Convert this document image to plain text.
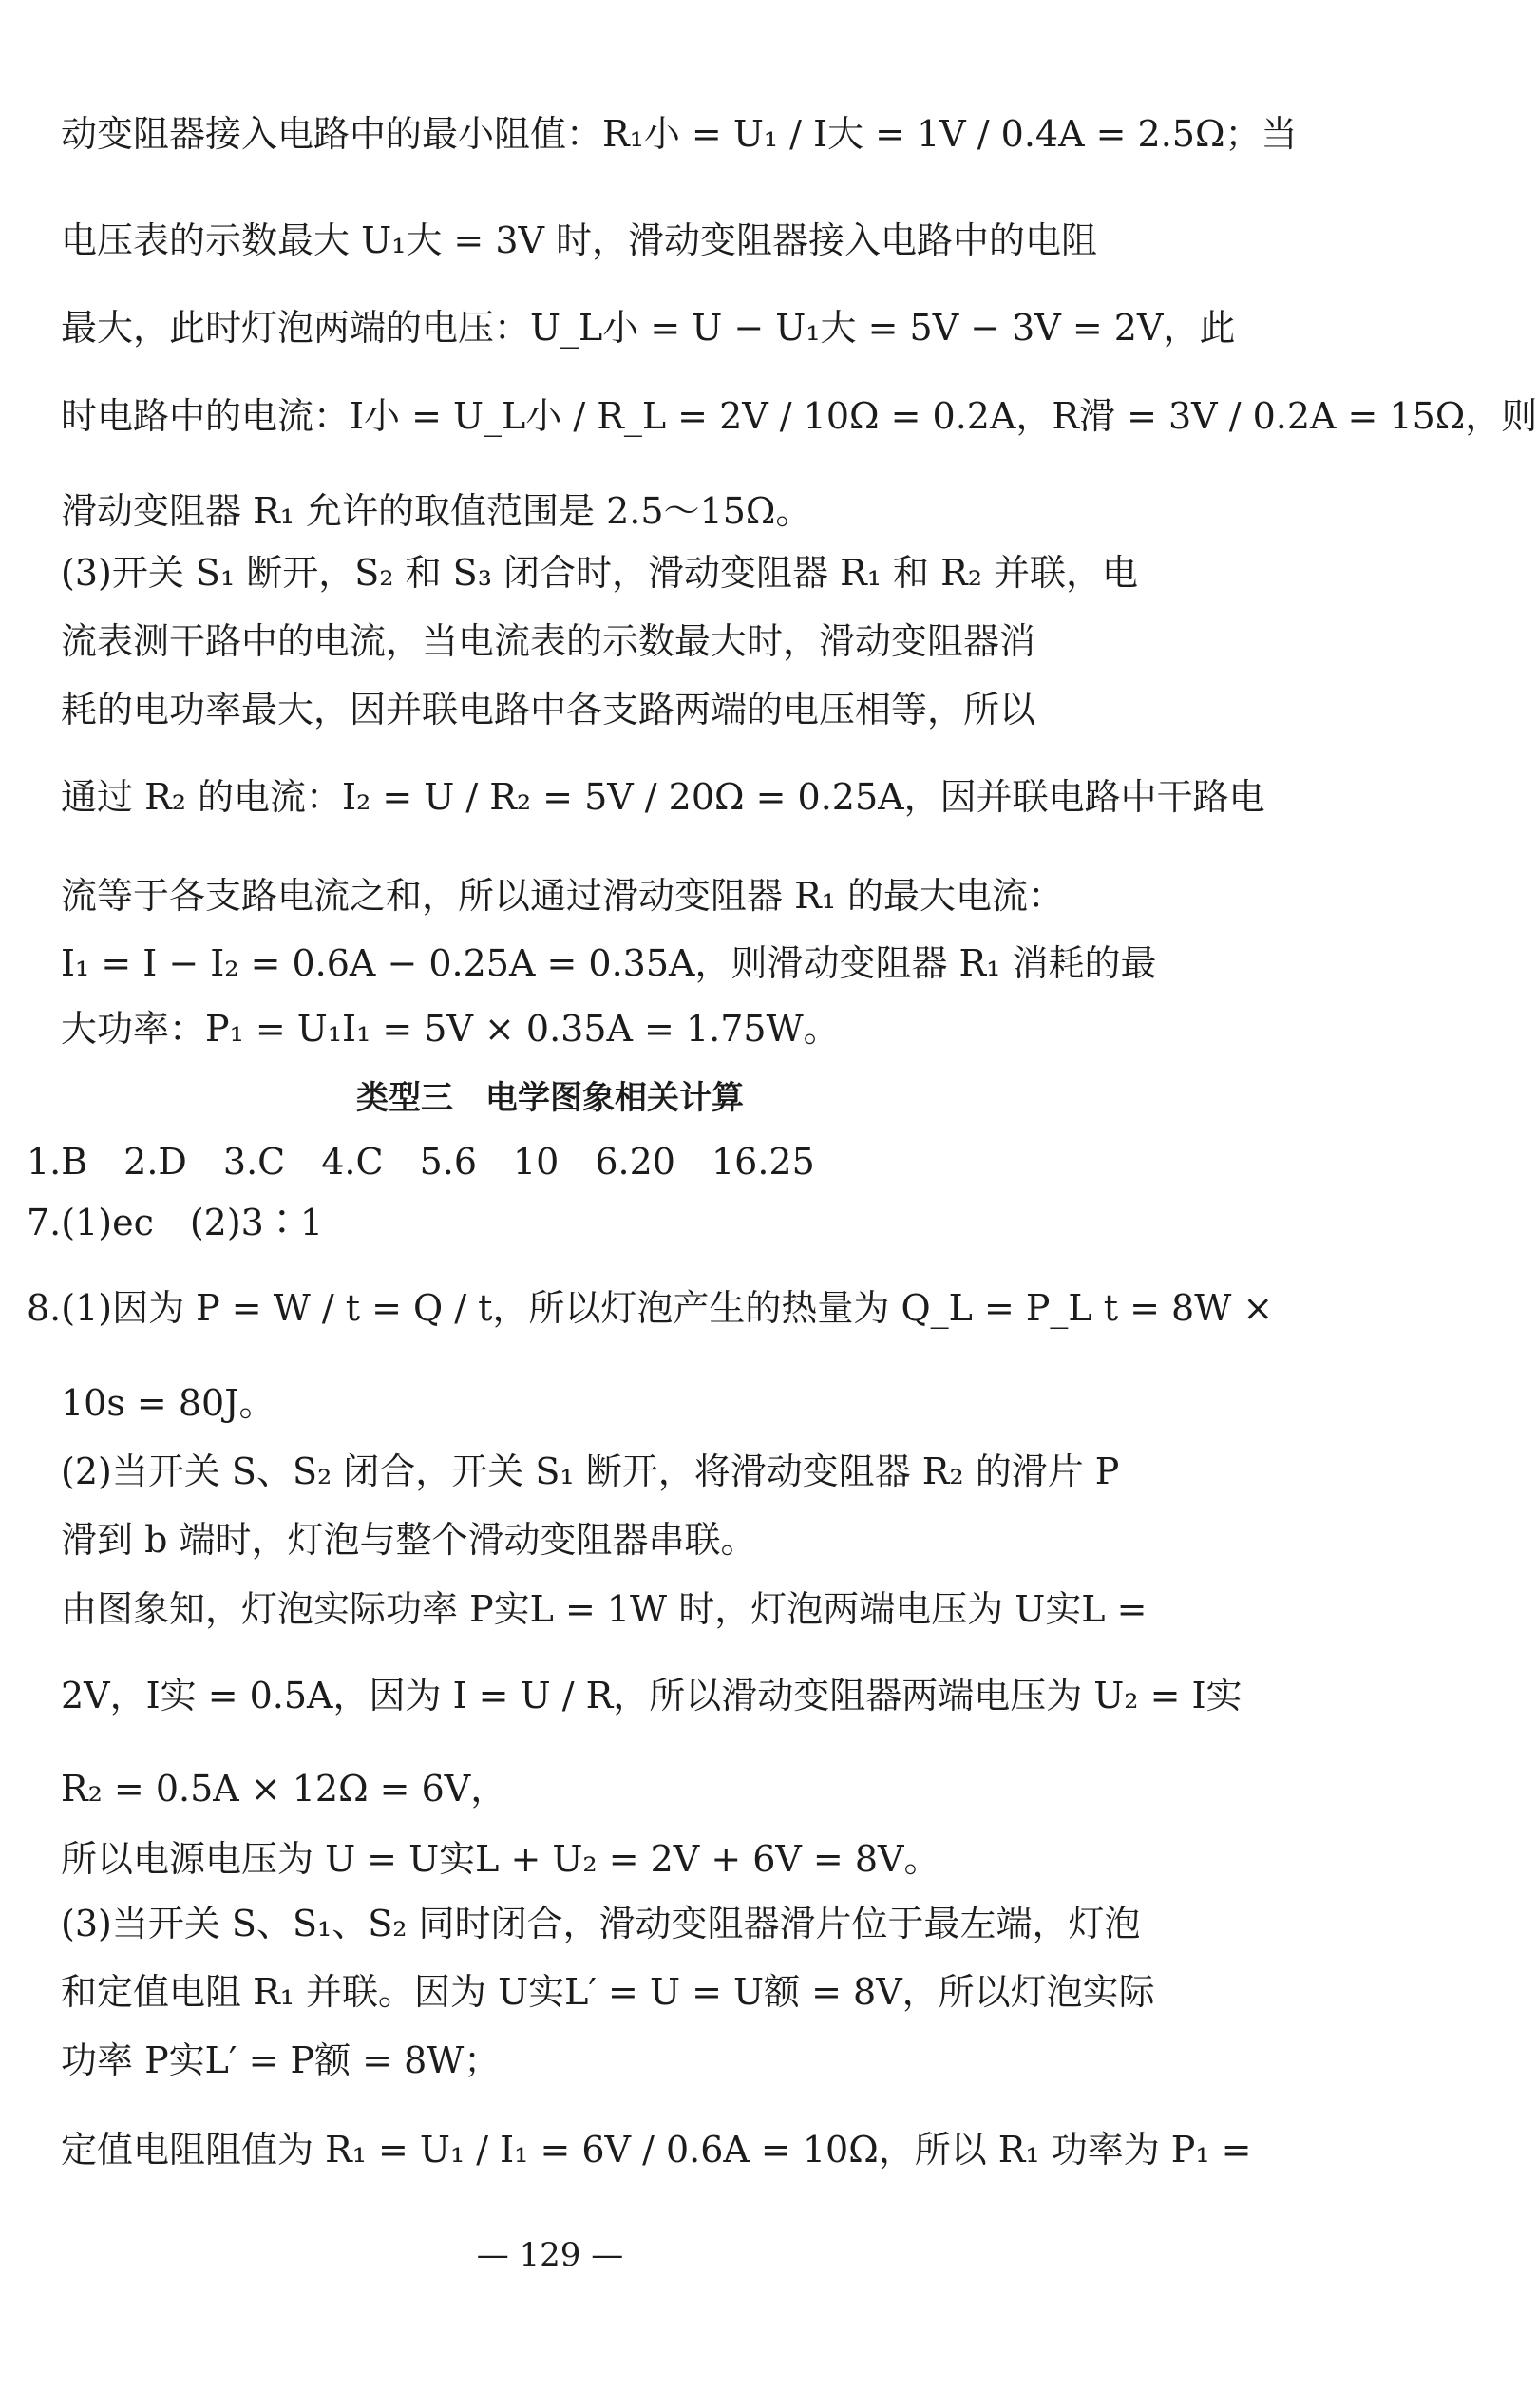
动变阻器接入电路中的最小阻值：R₁小 = U₁ / I大 = 1V / 0.4A = 2.5Ω；当
电压表的示数最大 U₁大 = 3V 时，滑动变阻器接入电路中的电阻
最大，此时灯泡两端的电压：U_L小 = U − U₁大 = 5V − 3V = 2V，此
时电路中的电流：I小 = U_L小 / R_L = 2V / 10Ω = 0.2A，R滑 = 3V / 0.2A = 15Ω，则
滑动变阻器 R₁ 允许的取值范围是 2.5～15Ω。
(3)开关 S₁ 断开，S₂ 和 S₃ 闭合时，滑动变阻器 R₁ 和 R₂ 并联，电
流表测干路中的电流，当电流表的示数最大时，滑动变阻器消
耗的电功率最大，因并联电路中各支路两端的电压相等，所以
通过 R₂ 的电流：I₂ = U / R₂ = 5V / 20Ω = 0.25A，因并联电路中干路电
流等于各支路电流之和，所以通过滑动变阻器 R₁ 的最大电流：
I₁ = I − I₂ = 0.6A − 0.25A = 0.35A，则滑动变阻器 R₁ 消耗的最
大功率：P₁ = U₁I₁ = 5V × 0.35A = 1.75W。
类型三　电学图象相关计算
1.B　2.D　3.C　4.C　5.6　10　6.20　16.25
7.(1)ec　(2)3∶1
8.(1)因为 P = W / t = Q / t，所以灯泡产生的热量为 Q_L = P_L t = 8W ×
10s = 80J。
(2)当开关 S、S₂ 闭合，开关 S₁ 断开，将滑动变阻器 R₂ 的滑片 P
滑到 b 端时，灯泡与整个滑动变阻器串联。
由图象知，灯泡实际功率 P实L = 1W 时，灯泡两端电压为 U实L =
2V，I实 = 0.5A，因为 I = U / R，所以滑动变阻器两端电压为 U₂ = I实
R₂ = 0.5A × 12Ω = 6V，
所以电源电压为 U = U实L + U₂ = 2V + 6V = 8V。
(3)当开关 S、S₁、S₂ 同时闭合，滑动变阻器滑片位于最左端，灯泡
和定值电阻 R₁ 并联。因为 U实L′ = U = U额 = 8V，所以灯泡实际
功率 P实L′ = P额 = 8W；
定值电阻阻值为 R₁ = U₁ / I₁ = 6V / 0.6A = 10Ω，所以 R₁ 功率为 P₁ =
— 129 —
